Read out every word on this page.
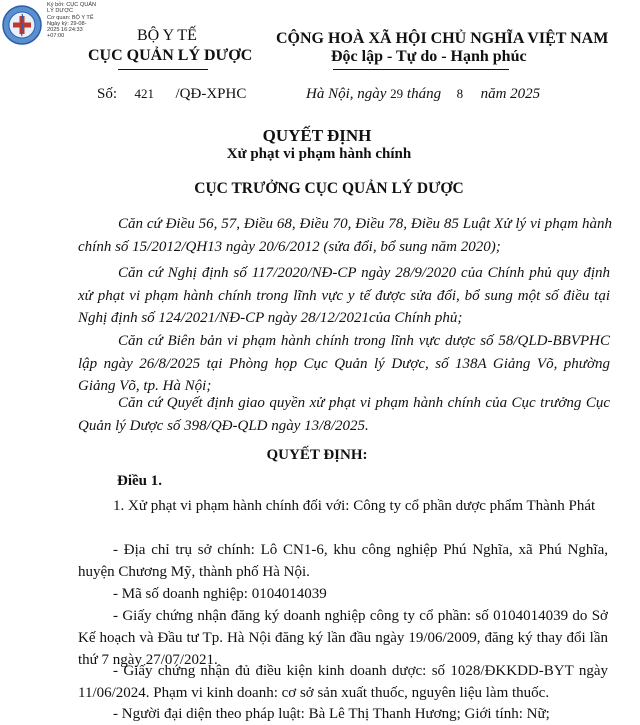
Ký bởi: CỤC QUẢN
LÝ DƯỢC
Cơ quan: BỘ Y TẾ
Ngày ký: 29-08-
2025 16:24:33
+07:00	BỘ Y TẾ
CỤC QUẢN LÝ DƯỢC
CỘNG HOÀ XÃ HỘI CHỦ NGHĨA VIỆT NAM
Độc lập - Tự do - Hạnh phúc
Số: 421 /QĐ-XPHC	Hà Nội, ngày 29 tháng 8 năm 2025
QUYẾT ĐỊNH
Xử phạt vi phạm hành chính
CỤC TRƯỞNG CỤC QUẢN LÝ DƯỢC
Căn cứ Điều 56, 57, Điều 68, Điều 70, Điều 78, Điều 85 Luật Xử lý vi phạm hành chính số 15/2012/QH13 ngày 20/6/2012 (sửa đổi, bổ sung năm 2020);
Căn cứ Nghị định số 117/2020/NĐ-CP ngày 28/9/2020 của Chính phủ quy định xử phạt vi phạm hành chính trong lĩnh vực y tế được sửa đổi, bổ sung một số điều tại Nghị định số 124/2021/NĐ-CP ngày 28/12/2021của Chính phủ;
Căn cứ Biên bản vi phạm hành chính trong lĩnh vực dược số 58/QLD-BBVPHC lập ngày 26/8/2025 tại Phòng họp Cục Quản lý Dược, số 138A Giảng Võ, phường Giảng Võ, tp. Hà Nội;
Căn cứ Quyết định giao quyền xử phạt vi phạm hành chính của Cục trưởng Cục Quản lý Dược số 398/QĐ-QLD ngày 13/8/2025.
QUYẾT ĐỊNH:
Điều 1.
1. Xử phạt vi phạm hành chính đối với: Công ty cổ phần dược phẩm Thành Phát
- Địa chỉ trụ sở chính: Lô CN1-6, khu công nghiệp Phú Nghĩa, xã Phú Nghĩa, huyện Chương Mỹ, thành phố Hà Nội.
- Mã số doanh nghiệp: 0104014039
- Giấy chứng nhận đăng ký doanh nghiệp công ty cổ phần: số 0104014039 do Sở Kế hoạch và Đầu tư Tp. Hà Nội đăng ký lần đầu ngày 19/06/2009, đăng ký thay đổi lần thứ 7 ngày 27/07/2021.
- Giấy chứng nhận đủ điều kiện kinh doanh dược: số 1028/ĐKKDD-BYT ngày 11/06/2024. Phạm vi kinh doanh: cơ sở sản xuất thuốc, nguyên liệu làm thuốc.
- Người đại diện theo pháp luật: Bà Lê Thị Thanh Hương; Giới tính: Nữ;
